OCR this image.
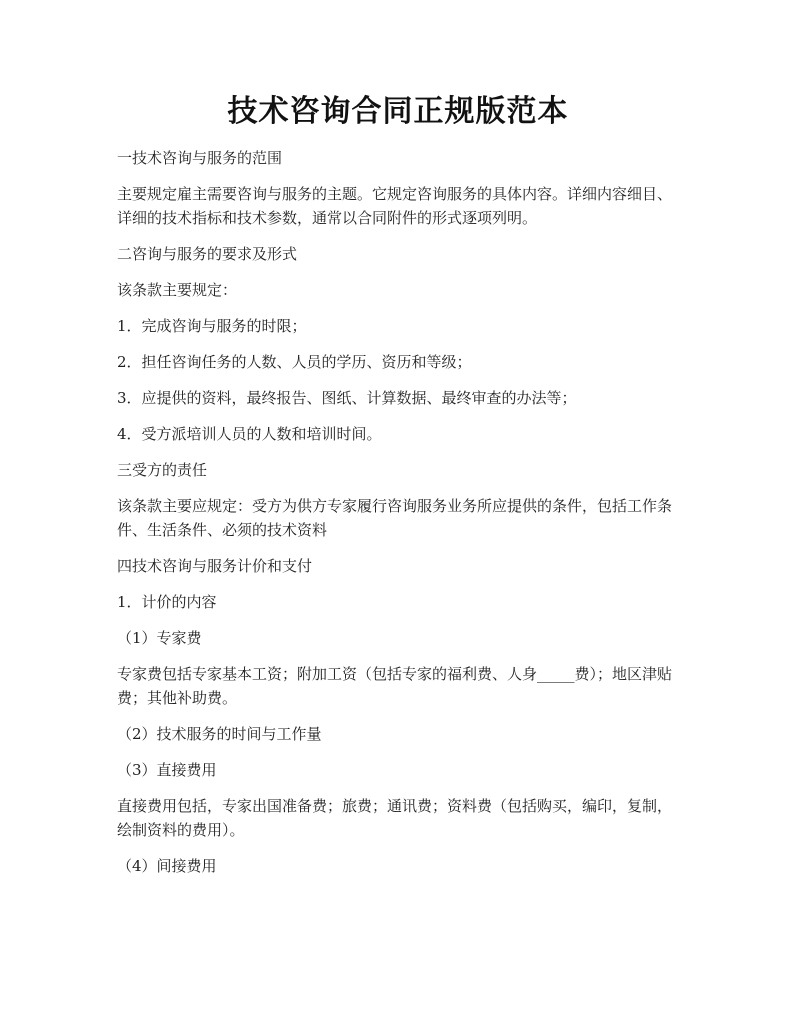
技术咨询合同正规版范本

一技术咨询与服务的范围

主要规定雇主需要咨询与服务的主题。它规定咨询服务的具体内容。详细内容细目、详细的技术指标和技术参数，通常以合同附件的形式逐项列明。

二咨询与服务的要求及形式

该条款主要规定：

1．完成咨询与服务的时限；

2．担任咨询任务的人数、人员的学历、资历和等级；

3．应提供的资料，最终报告、图纸、计算数据、最终审查的办法等；

4．受方派培训人员的人数和培训时间。

三受方的责任

该条款主要应规定：受方为供方专家履行咨询服务业务所应提供的条件，包括工作条件、生活条件、必须的技术资料

四技术咨询与服务计价和支付

1．计价的内容

（1）专家费

专家费包括专家基本工资；附加工资（包括专家的福利费、人身_____费）；地区津贴费；其他补助费。

（2）技术服务的时间与工作量

（3）直接费用

直接费用包括，专家出国准备费；旅费；通讯费；资料费（包括购买，编印，复制，绘制资料的费用）。

（4）间接费用
